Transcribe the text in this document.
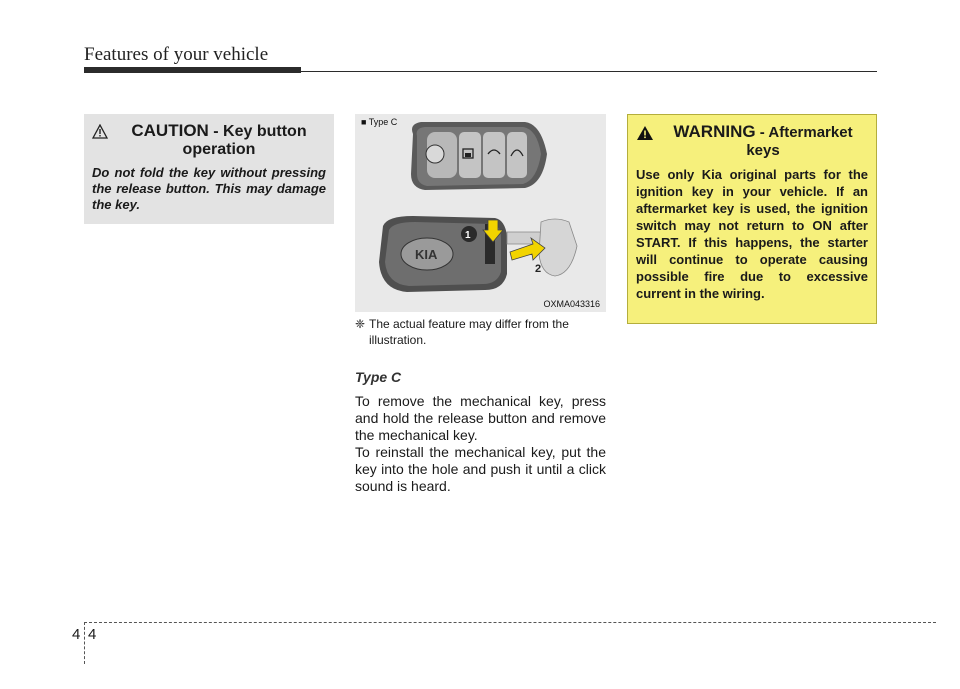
Features of your vehicle
CAUTION - Key button operation
Do not fold the key without pressing the release button. This may damage the key.
■ Type C
KIA
1
2
OXMA043316
❈ The actual feature may differ from the
illustration.
Type C
To remove the mechanical key, press and hold the release button and remove the mechanical key.
To reinstall the mechanical key, put the key into the hole and push it until a click sound is heard.
WARNING - Aftermarket keys
Use only Kia original parts for the ignition key in your vehicle. If an aftermarket key is used, the ignition switch may not return to ON after START. If this happens, the starter will continue to operate causing possible fire due to excessive current in the wiring.
4 4
